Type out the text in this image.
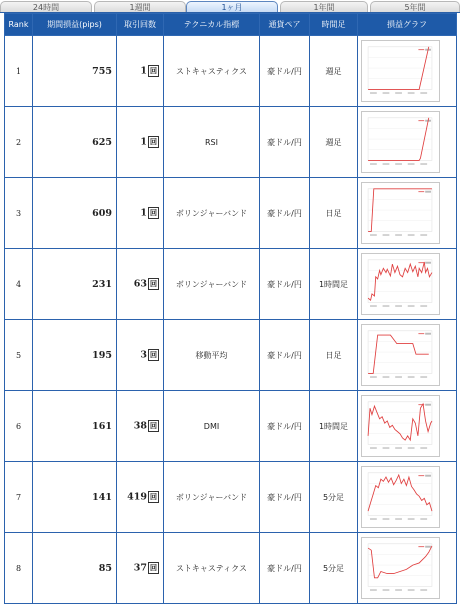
24時間	1週間	1ヶ月	1年間	5年間
Rank	期間損益(pips)	取引回数	テクニカル指標	通貨ペア	時間足	損益グラフ
1	755	1 回	ストキャスティクス	豪ドル/円	週足	

2	625	1 回	RSI	豪ドル/円	週足	

3	609	1 回	ボリンジャーバンド	豪ドル/円	日足	

4	231	63 回	ボリンジャーバンド	豪ドル/円	1時間足	

5	195	3 回	移動平均	豪ドル/円	日足	

6	161	38 回	DMI	豪ドル/円	1時間足	

7	141	419 回	ボリンジャーバンド	豪ドル/円	5分足	

8	85	37 回	ストキャスティクス	豪ドル/円	5分足	
